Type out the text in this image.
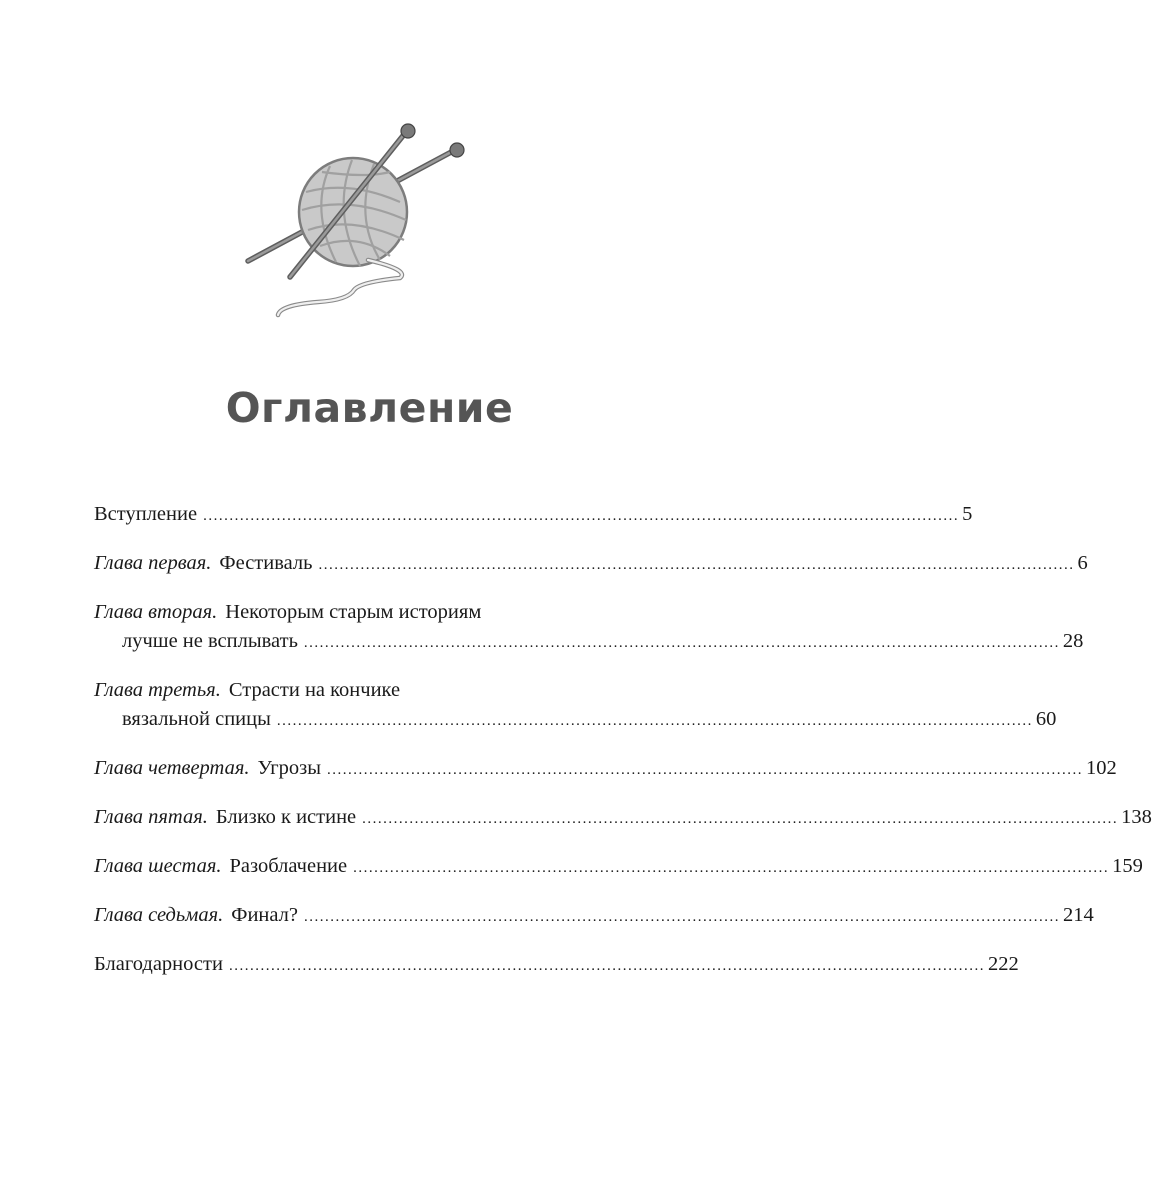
Оглавление
Вступление ................................................................................................................................................ 5
Глава первая. Фестиваль ................................................................................................................................................ 6
Глава вторая. Некоторым старым историям
лучше не всплывать ................................................................................................................................................ 28
Глава третья. Страсти на кончике
вязальной спицы ................................................................................................................................................ 60
Глава четвертая. Угрозы ................................................................................................................................................ 102
Глава пятая. Близко к истине ................................................................................................................................................ 138
Глава шестая. Разоблачение ................................................................................................................................................ 159
Глава седьмая. Финал? ................................................................................................................................................ 214
Благодарности ................................................................................................................................................ 222
